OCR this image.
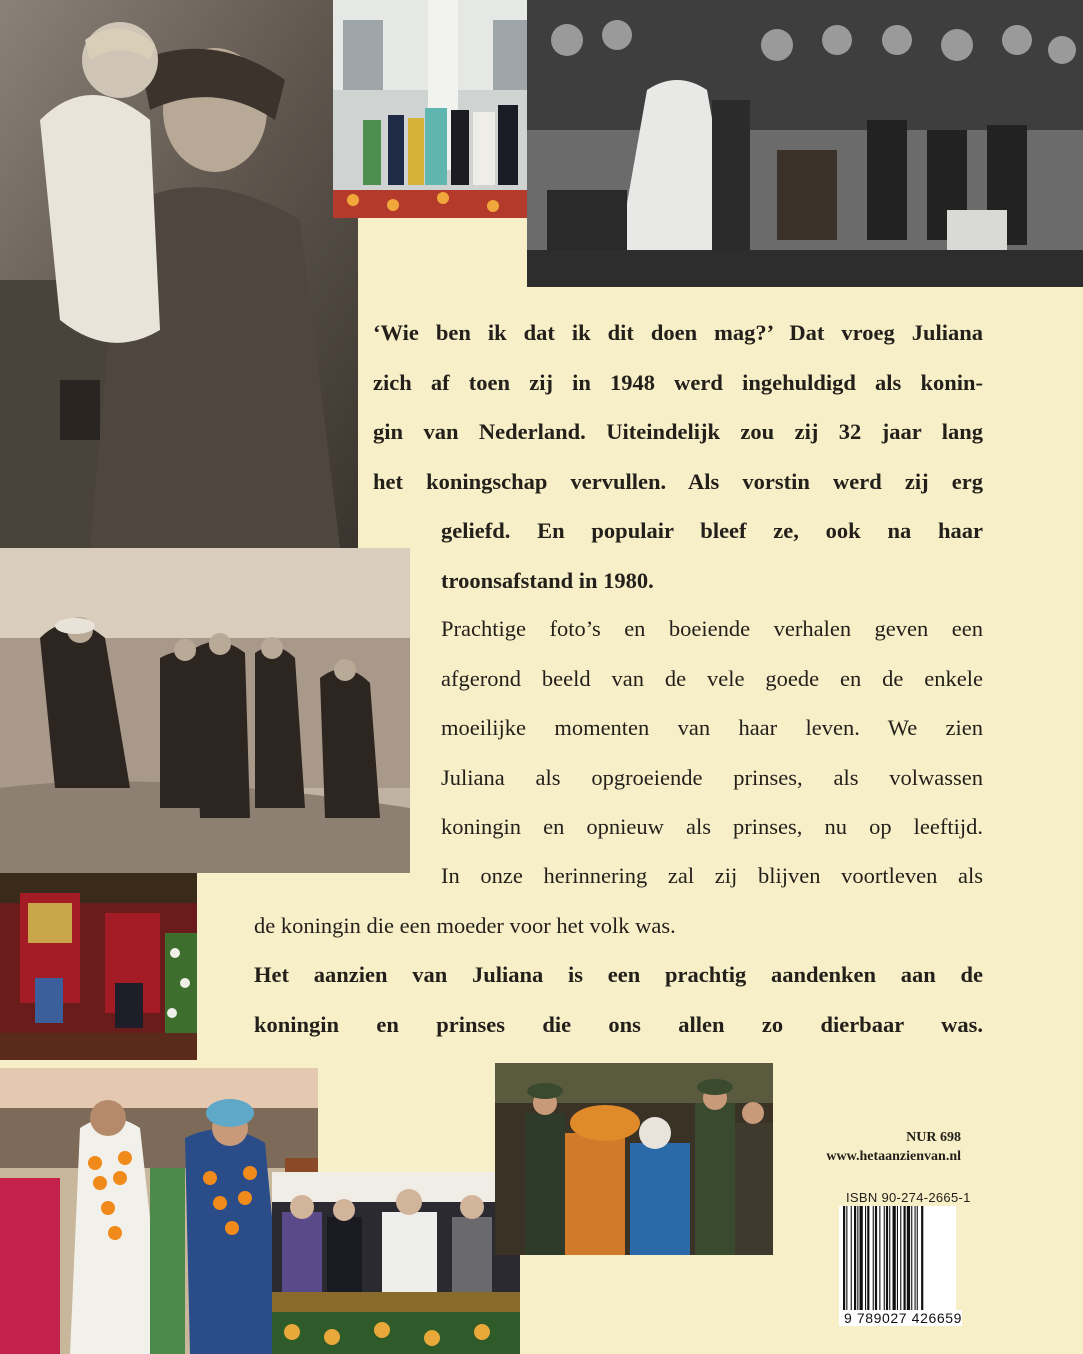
‘Wie ben ik dat ik dit doen mag?’ Dat vroeg Juliana
zich af toen zij in 1948 werd ingehuldigd als konin-
gin van Nederland. Uiteindelijk zou zij 32 jaar lang
het koningschap vervullen. Als vorstin werd zij erg
geliefd. En populair bleef ze, ook na haar
troonsafstand in 1980.
Prachtige foto’s en boeiende verhalen geven een
afgerond beeld van de vele goede en de enkele
moeilijke momenten van haar leven. We zien
Juliana als opgroeiende prinses, als volwassen
koningin en opnieuw als prinses, nu op leeftijd.
In onze herinnering zal zij blijven voortleven als
de koningin die een moeder voor het volk was.
Het aanzien van Juliana is een prachtig aandenken aan de
koningin en prinses die ons allen zo dierbaar was.
NUR 698
www.hetaanzienvan.nl
ISBN 90-274-2665-1
9 789027 426659
